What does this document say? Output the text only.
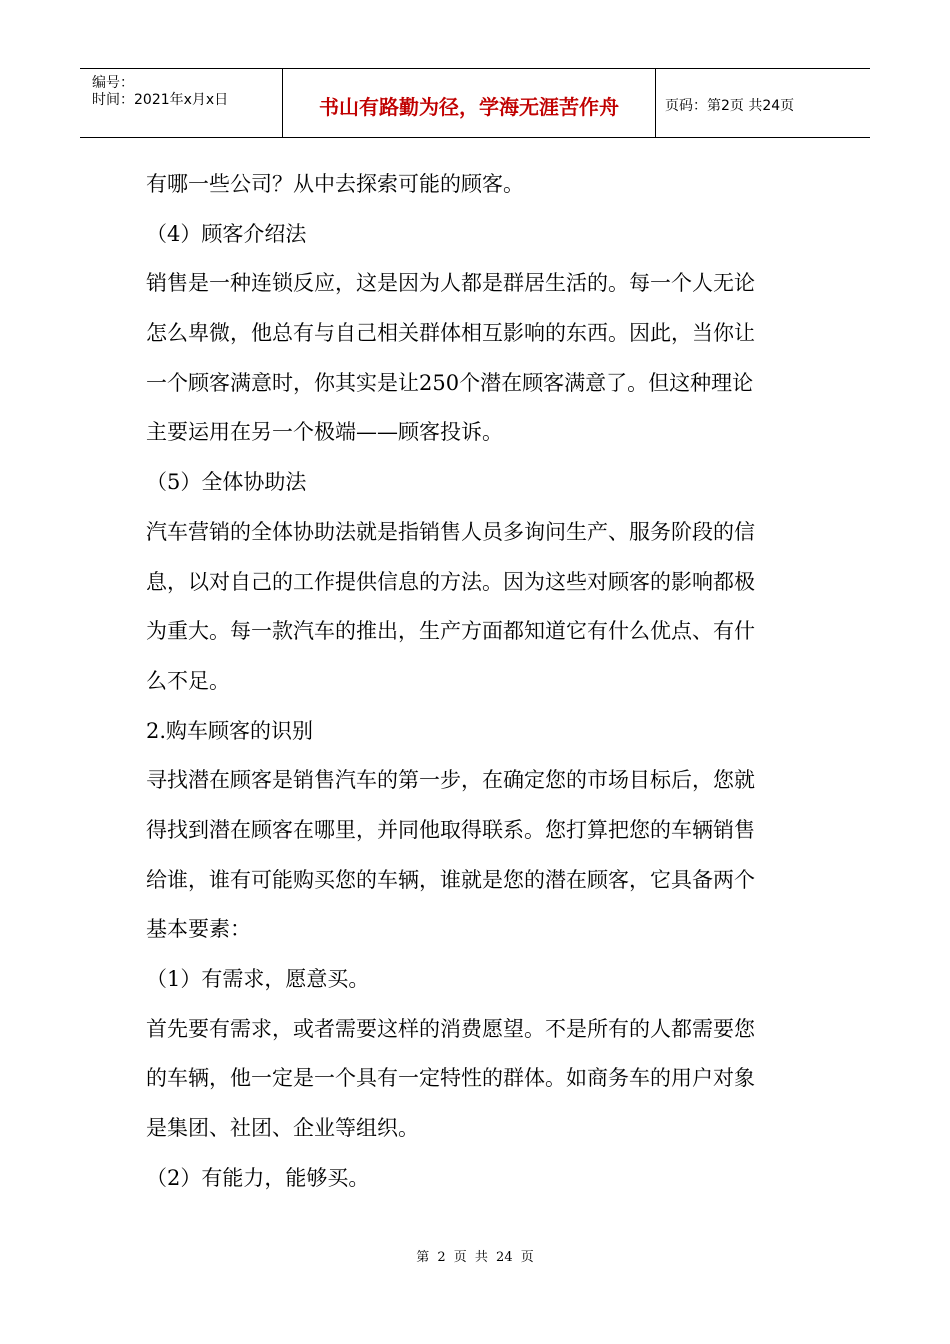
编号：
时间：2021年x月x日	书山有路勤为径，学海无涯苦作舟	页码：第2页 共24页

有哪一些公司？从中去探索可能的顾客。

（4）顾客介绍法

销售是一种连锁反应，这是因为人都是群居生活的。每一个人无论

怎么卑微，他总有与自己相关群体相互影响的东西。因此，当你让

一个顾客满意时，你其实是让250个潜在顾客满意了。但这种理论

主要运用在另一个极端——顾客投诉。

（5）全体协助法

汽车营销的全体协助法就是指销售人员多询问生产、服务阶段的信

息，以对自己的工作提供信息的方法。因为这些对顾客的影响都极

为重大。每一款汽车的推出，生产方面都知道它有什么优点、有什

么不足。

2.购车顾客的识别

寻找潜在顾客是销售汽车的第一步，在确定您的市场目标后，您就

得找到潜在顾客在哪里，并同他取得联系。您打算把您的车辆销售

给谁，谁有可能购买您的车辆，谁就是您的潜在顾客，它具备两个

基本要素：

（1）有需求，愿意买。

首先要有需求，或者需要这样的消费愿望。不是所有的人都需要您

的车辆，他一定是一个具有一定特性的群体。如商务车的用户对象

是集团、社团、企业等组织。

（2）有能力，能够买。

第 2 页 共 24 页
